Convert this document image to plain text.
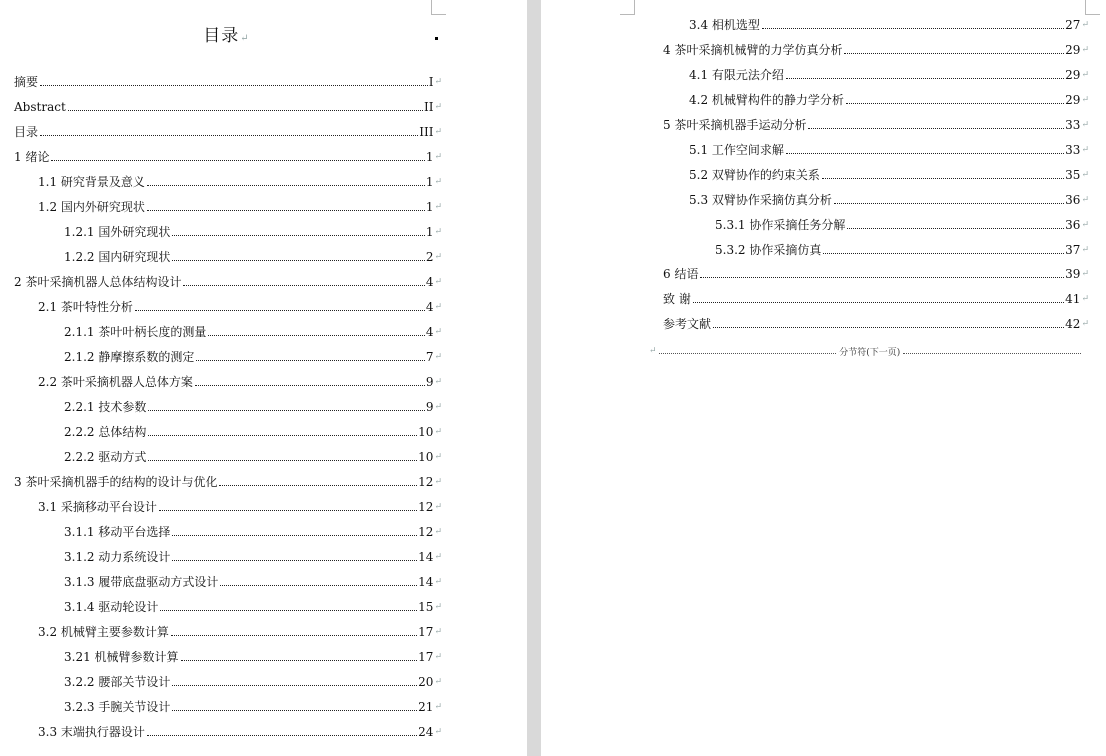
目录↵
摘要	I ↵
Abstract	II ↵
目录	III ↵
1 绪论	1 ↵
1.1 研究背景及意义	1 ↵
1.2 国内外研究现状	1 ↵
1.2.1 国外研究现状	1 ↵
1.2.2 国内研究现状	2 ↵
2 茶叶采摘机器人总体结构设计	4 ↵
2.1 茶叶特性分析	4 ↵
2.1.1 茶叶叶柄长度的测量	4 ↵
2.1.2 静摩擦系数的测定	7 ↵
2.2 茶叶采摘机器人总体方案	9 ↵
2.2.1 技术参数	9 ↵
2.2.2 总体结构	10 ↵
2.2.2 驱动方式	10 ↵
3 茶叶采摘机器手的结构的设计与优化	12 ↵
3.1 采摘移动平台设计	12 ↵
3.1.1 移动平台选择	12 ↵
3.1.2 动力系统设计	14 ↵
3.1.3 履带底盘驱动方式设计	14 ↵
3.1.4 驱动轮设计	15 ↵
3.2 机械臂主要参数计算	17 ↵
3.21 机械臂参数计算	17 ↵
3.2.2 腰部关节设计	20 ↵
3.2.3 手腕关节设计	21 ↵
3.3 末端执行器设计	24 ↵
3.4 相机选型	27 ↵
4 茶叶采摘机械臂的力学仿真分析	29 ↵
4.1 有限元法介绍	29 ↵
4.2 机械臂构件的静力学分析	29 ↵
5 茶叶采摘机器手运动分析	33 ↵
5.1 工作空间求解	33 ↵
5.2 双臂协作的约束关系	35 ↵
5.3 双臂协作采摘仿真分析	36 ↵
5.3.1 协作采摘任务分解	36 ↵
5.3.2 协作采摘仿真	37 ↵
6 结语	39 ↵
致 谢	41 ↵
参考文献	42 ↵
↵	分节符(下一页)
